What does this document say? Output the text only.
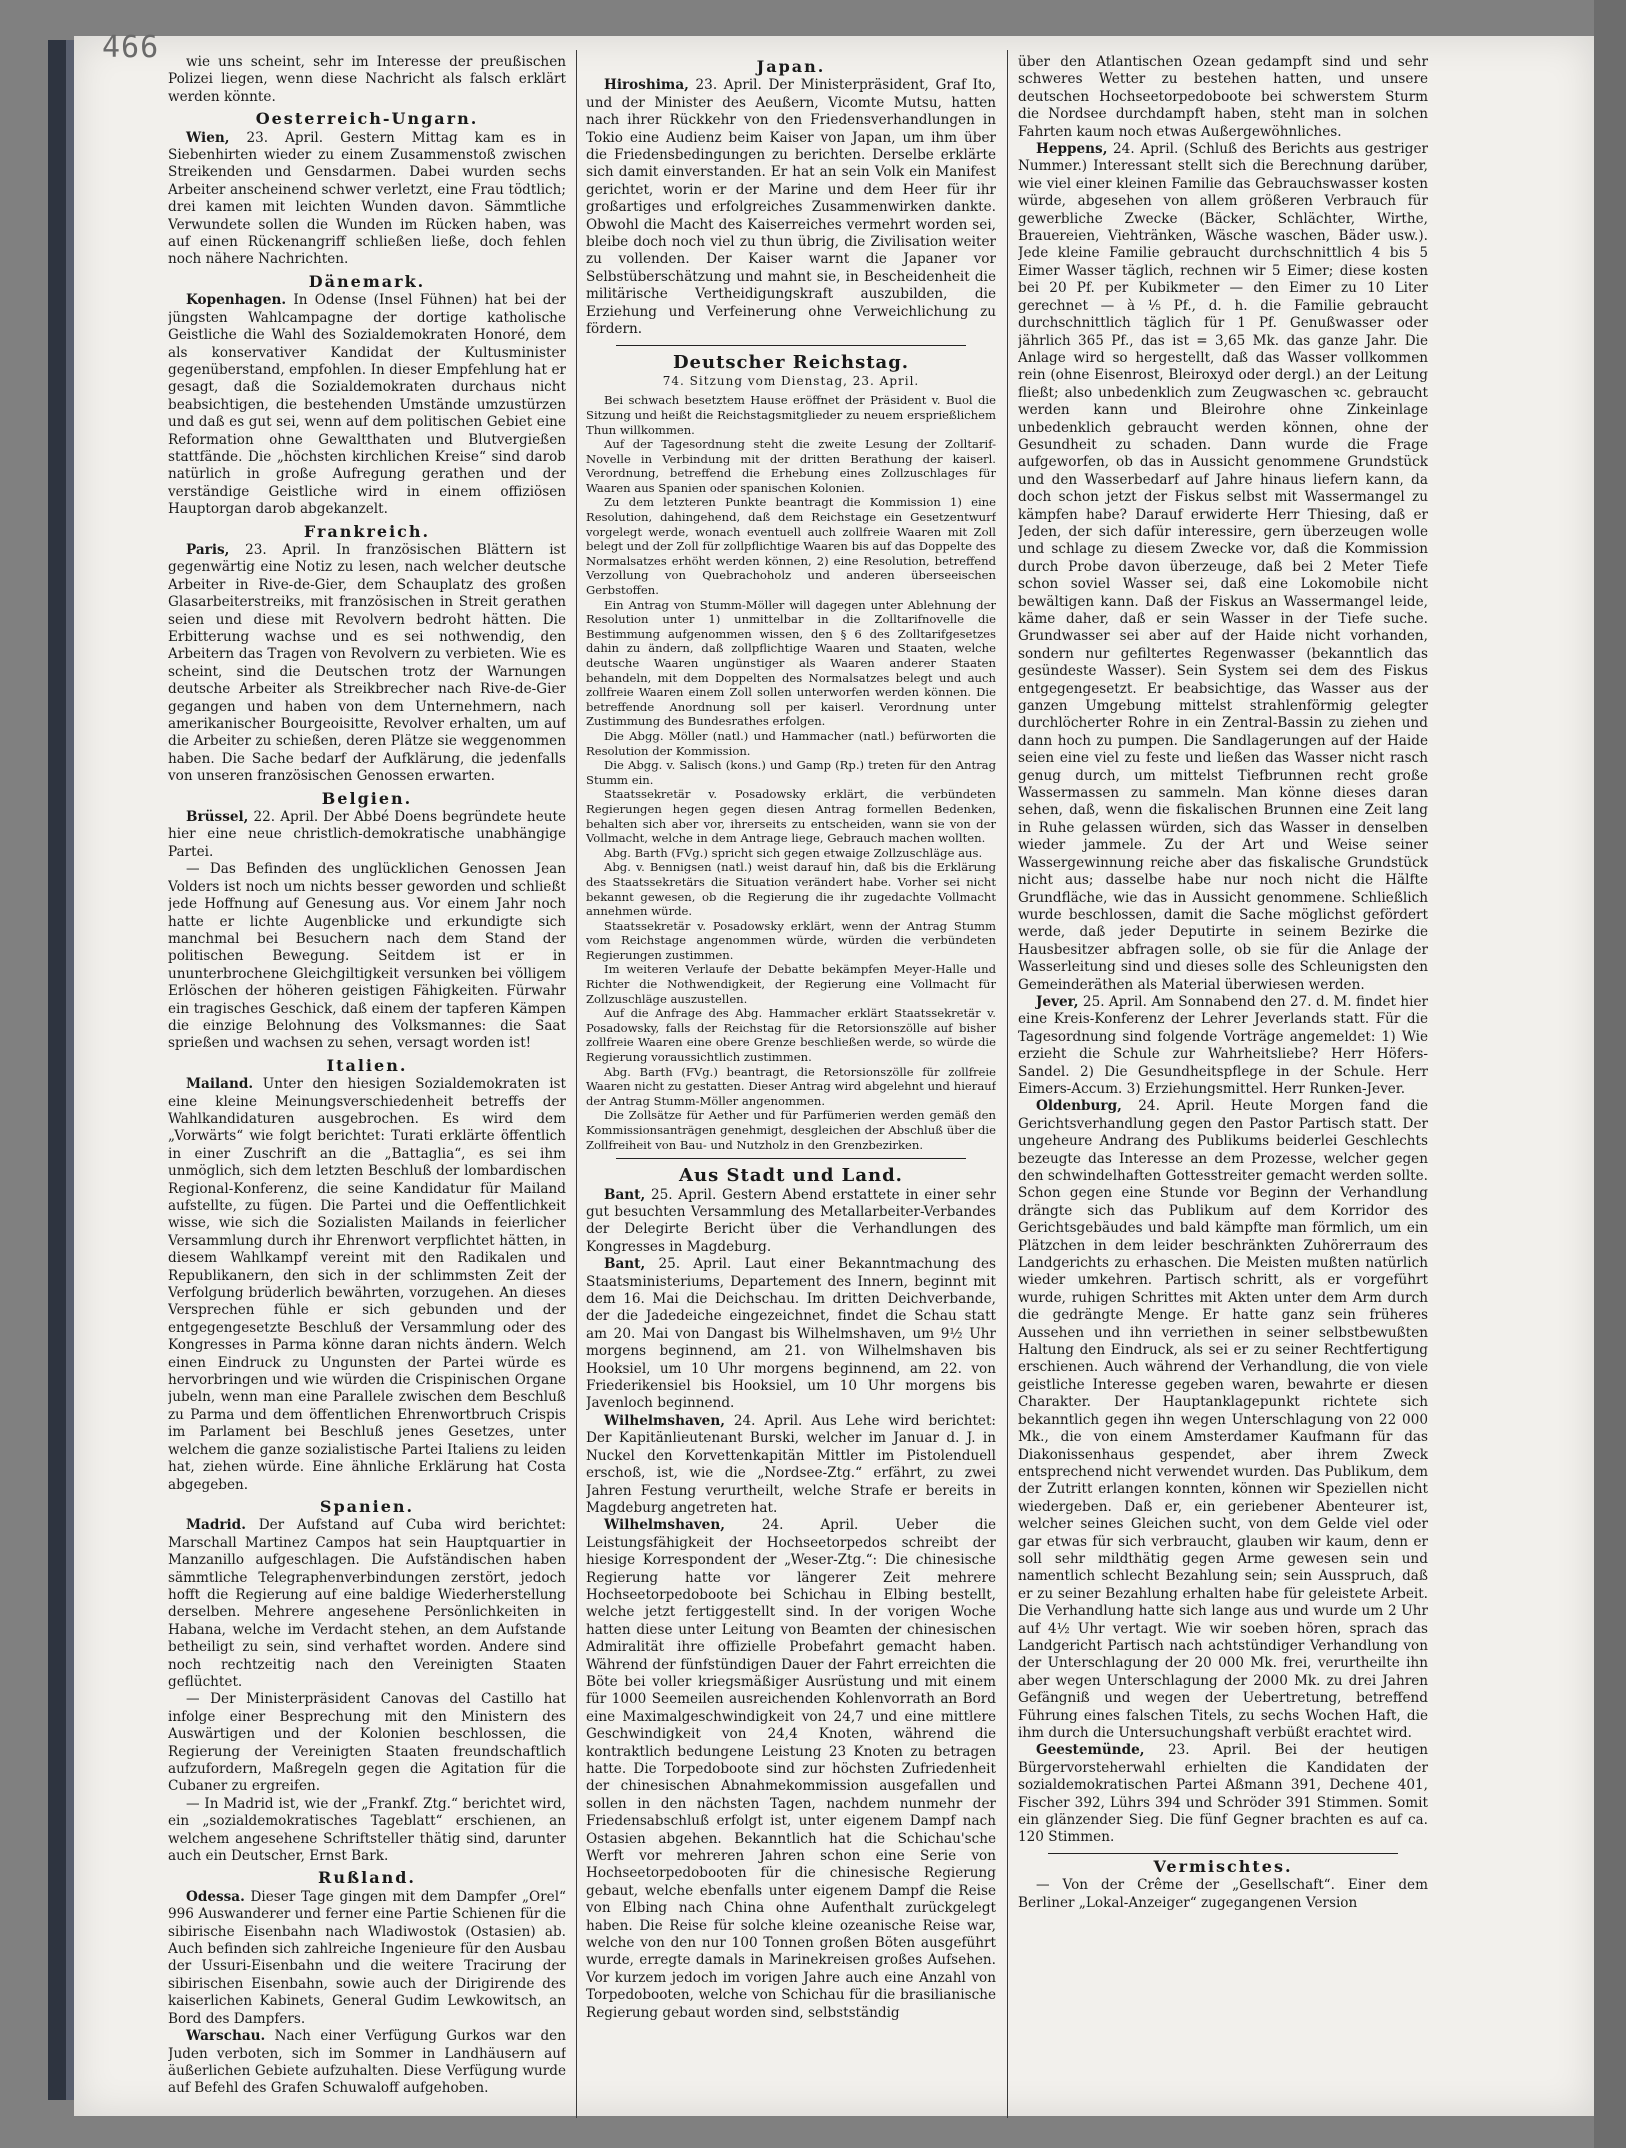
466	wie uns scheint, sehr im Interesse der preußischen Polizei liegen, wenn diese Nachricht als falsch erklärt werden könnte.

Oesterreich-Ungarn.

Wien, 23. April. Gestern Mittag kam es in Siebenhirten wieder zu einem Zusammenstoß zwischen Streikenden und Gensdarmen. Dabei wurden sechs Arbeiter anscheinend schwer verletzt, eine Frau tödtlich; drei kamen mit leichten Wunden davon. Sämmtliche Verwundete sollen die Wunden im Rücken haben, was auf einen Rückenangriff schließen ließe, doch fehlen noch nähere Nachrichten.

Dänemark.

Kopenhagen. In Odense (Insel Fühnen) hat bei der jüngsten Wahlcampagne der dortige katholische Geistliche die Wahl des Sozialdemokraten Honoré, dem als konservativer Kandidat der Kultusminister gegenüberstand, empfohlen. In dieser Empfehlung hat er gesagt, daß die Sozialdemokraten durchaus nicht beabsichtigen, die bestehenden Umstände umzustürzen und daß es gut sei, wenn auf dem politischen Gebiet eine Reformation ohne Gewaltthaten und Blutvergießen stattfände. Die „höchsten kirchlichen Kreise“ sind darob natürlich in große Aufregung gerathen und der verständige Geistliche wird in einem offiziösen Hauptorgan darob abgekanzelt.

Frankreich.

Paris, 23. April. In französischen Blättern ist gegenwärtig eine Notiz zu lesen, nach welcher deutsche Arbeiter in Rive-de-Gier, dem Schauplatz des großen Glasarbeiterstreiks, mit französischen in Streit gerathen seien und diese mit Revolvern bedroht hätten. Die Erbitterung wachse und es sei nothwendig, den Arbeitern das Tragen von Revolvern zu verbieten. Wie es scheint, sind die Deutschen trotz der Warnungen deutsche Arbeiter als Streikbrecher nach Rive-de-Gier gegangen und haben von dem Unternehmern, nach amerikanischer Bourgeoisitte, Revolver erhalten, um auf die Arbeiter zu schießen, deren Plätze sie weggenommen haben. Die Sache bedarf der Aufklärung, die jedenfalls von unseren französischen Genossen erwarten.

Belgien.

Brüssel, 22. April. Der Abbé Doens begründete heute hier eine neue christlich-demokratische unabhängige Partei.

— Das Befinden des unglücklichen Genossen Jean Volders ist noch um nichts besser geworden und schließt jede Hoffnung auf Genesung aus. Vor einem Jahr noch hatte er lichte Augenblicke und erkundigte sich manchmal bei Besuchern nach dem Stand der politischen Bewegung. Seitdem ist er in ununterbrochene Gleichgiltigkeit versunken bei völligem Erlöschen der höheren geistigen Fähigkeiten. Fürwahr ein tragisches Geschick, daß einem der tapferen Kämpen die einzige Belohnung des Volksmannes: die Saat sprießen und wachsen zu sehen, versagt worden ist!

Italien.

Mailand. Unter den hiesigen Sozialdemokraten ist eine kleine Meinungsverschiedenheit betreffs der Wahlkandidaturen ausgebrochen. Es wird dem „Vorwärts“ wie folgt berichtet: Turati erklärte öffentlich in einer Zuschrift an die „Battaglia“, es sei ihm unmöglich, sich dem letzten Beschluß der lombardischen Regional-Konferenz, die seine Kandidatur für Mailand aufstellte, zu fügen. Die Partei und die Oeffentlichkeit wisse, wie sich die Sozialisten Mailands in feierlicher Versammlung durch ihr Ehrenwort verpflichtet hätten, in diesem Wahlkampf vereint mit den Radikalen und Republikanern, den sich in der schlimmsten Zeit der Verfolgung brüderlich bewährten, vorzugehen. An dieses Versprechen fühle er sich gebunden und der entgegengesetzte Beschluß der Versammlung oder des Kongresses in Parma könne daran nichts ändern. Welch einen Eindruck zu Ungunsten der Partei würde es hervorbringen und wie würden die Crispinischen Organe jubeln, wenn man eine Parallele zwischen dem Beschluß zu Parma und dem öffentlichen Ehrenwortbruch Crispis im Parlament bei Beschluß jenes Gesetzes, unter welchem die ganze sozialistische Partei Italiens zu leiden hat, ziehen würde. Eine ähnliche Erklärung hat Costa abgegeben.

Spanien.

Madrid. Der Aufstand auf Cuba wird berichtet: Marschall Martinez Campos hat sein Hauptquartier in Manzanillo aufgeschlagen. Die Aufständischen haben sämmtliche Telegraphenverbindungen zerstört, jedoch hofft die Regierung auf eine baldige Wiederherstellung derselben. Mehrere angesehene Persönlichkeiten in Habana, welche im Verdacht stehen, an dem Aufstande betheiligt zu sein, sind verhaftet worden. Andere sind noch rechtzeitig nach den Vereinigten Staaten geflüchtet.

— Der Ministerpräsident Canovas del Castillo hat infolge einer Besprechung mit den Ministern des Auswärtigen und der Kolonien beschlossen, die Regierung der Vereinigten Staaten freundschaftlich aufzufordern, Maßregeln gegen die Agitation für die Cubaner zu ergreifen.

— In Madrid ist, wie der „Frankf. Ztg.“ berichtet wird, ein „sozialdemokratisches Tageblatt“ erschienen, an welchem angesehene Schriftsteller thätig sind, darunter auch ein Deutscher, Ernst Bark.

Rußland.

Odessa. Dieser Tage gingen mit dem Dampfer „Orel“ 996 Auswanderer und ferner eine Partie Schienen für die sibirische Eisenbahn nach Wladiwostok (Ostasien) ab. Auch befinden sich zahlreiche Ingenieure für den Ausbau der Ussuri-Eisenbahn und die weitere Tracirung der sibirischen Eisenbahn, sowie auch der Dirigirende des kaiserlichen Kabinets, General Gudim Lewkowitsch, an Bord des Dampfers.

Warschau. Nach einer Verfügung Gurkos war den Juden verboten, sich im Sommer in Landhäusern auf äußerlichen Gebiete aufzuhalten. Diese Verfügung wurde auf Befehl des Grafen Schuwaloff aufgehoben.

Japan.

Hiroshima, 23. April. Der Ministerpräsident, Graf Ito, und der Minister des Aeußern, Vicomte Mutsu, hatten nach ihrer Rückkehr von den Friedensverhandlungen in Tokio eine Audienz beim Kaiser von Japan, um ihm über die Friedensbedingungen zu berichten. Derselbe erklärte sich damit einverstanden. Er hat an sein Volk ein Manifest gerichtet, worin er der Marine und dem Heer für ihr großartiges und erfolgreiches Zusammenwirken dankte. Obwohl die Macht des Kaiserreiches vermehrt worden sei, bleibe doch noch viel zu thun übrig, die Zivilisation weiter zu vollenden. Der Kaiser warnt die Japaner vor Selbstüberschätzung und mahnt sie, in Bescheidenheit die militärische Vertheidigungskraft auszubilden, die Erziehung und Verfeinerung ohne Verweichlichung zu fördern.

Deutscher Reichstag.
74. Sitzung vom Dienstag, 23. April.

Bei schwach besetztem Hause eröffnet der Präsident v. Buol die Sitzung und heißt die Reichstagsmitglieder zu neuem ersprießlichem Thun willkommen.

Auf der Tagesordnung steht die zweite Lesung der Zolltarif-Novelle in Verbindung mit der dritten Berathung der kaiserl. Verordnung, betreffend die Erhebung eines Zollzuschlages für Waaren aus Spanien oder spanischen Kolonien.

Zu dem letzteren Punkte beantragt die Kommission 1) eine Resolution, dahingehend, daß dem Reichstage ein Gesetzentwurf vorgelegt werde, wonach eventuell auch zollfreie Waaren mit Zoll belegt und der Zoll für zollpflichtige Waaren bis auf das Doppelte des Normalsatzes erhöht werden können, 2) eine Resolution, betreffend Verzollung von Quebrachoholz und anderen überseeischen Gerbstoffen.

Ein Antrag von Stumm-Möller will dagegen unter Ablehnung der Resolution unter 1) unmittelbar in die Zolltarifnovelle die Bestimmung aufgenommen wissen, den § 6 des Zolltarifgesetzes dahin zu ändern, daß zollpflichtige Waaren und Staaten, welche deutsche Waaren ungünstiger als Waaren anderer Staaten behandeln, mit dem Doppelten des Normalsatzes belegt und auch zollfreie Waaren einem Zoll sollen unterworfen werden können. Die betreffende Anordnung soll per kaiserl. Verordnung unter Zustimmung des Bundesrathes erfolgen.

Die Abgg. Möller (natl.) und Hammacher (natl.) befürworten die Resolution der Kommission.

Die Abgg. v. Salisch (kons.) und Gamp (Rp.) treten für den Antrag Stumm ein.

Staatssekretär v. Posadowsky erklärt, die verbündeten Regierungen hegen gegen diesen Antrag formellen Bedenken, behalten sich aber vor, ihrerseits zu entscheiden, wann sie von der Vollmacht, welche in dem Antrage liege, Gebrauch machen wollten.

Abg. Barth (FVg.) spricht sich gegen etwaige Zollzuschläge aus.

Abg. v. Bennigsen (natl.) weist darauf hin, daß bis die Erklärung des Staatssekretärs die Situation verändert habe. Vorher sei nicht bekannt gewesen, ob die Regierung die ihr zugedachte Vollmacht annehmen würde.

Staatssekretär v. Posadowsky erklärt, wenn der Antrag Stumm vom Reichstage angenommen würde, würden die verbündeten Regierungen zustimmen.

Im weiteren Verlaufe der Debatte bekämpfen Meyer-Halle und Richter die Nothwendigkeit, der Regierung eine Vollmacht für Zollzuschläge auszustellen.

Auf die Anfrage des Abg. Hammacher erklärt Staatssekretär v. Posadowsky, falls der Reichstag für die Retorsionszölle auf bisher zollfreie Waaren eine obere Grenze beschließen werde, so würde die Regierung voraussichtlich zustimmen.

Abg. Barth (FVg.) beantragt, die Retorsionszölle für zollfreie Waaren nicht zu gestatten. Dieser Antrag wird abgelehnt und hierauf der Antrag Stumm-Möller angenommen.

Die Zollsätze für Aether und für Parfümerien werden gemäß den Kommissionsanträgen genehmigt, desgleichen der Abschluß über die Zollfreiheit von Bau- und Nutzholz in den Grenzbezirken.

Aus Stadt und Land.

Bant, 25. April. Gestern Abend erstattete in einer sehr gut besuchten Versammlung des Metallarbeiter-Verbandes der Delegirte Bericht über die Verhandlungen des Kongresses in Magdeburg.

Bant, 25. April. Laut einer Bekanntmachung des Staatsministeriums, Departement des Innern, beginnt mit dem 16. Mai die Deichschau. Im dritten Deichverbande, der die Jadedeiche eingezeichnet, findet die Schau statt am 20. Mai von Dangast bis Wilhelmshaven, um 9½ Uhr morgens beginnend, am 21. von Wilhelmshaven bis Hooksiel, um 10 Uhr morgens beginnend, am 22. von Friederikensiel bis Hooksiel, um 10 Uhr morgens bis Javenloch beginnend.

Wilhelmshaven, 24. April. Aus Lehe wird berichtet: Der Kapitänlieutenant Burski, welcher im Januar d. J. in Nuckel den Korvettenkapitän Mittler im Pistolenduell erschoß, ist, wie die „Nordsee-Ztg.“ erfährt, zu zwei Jahren Festung verurtheilt, welche Strafe er bereits in Magdeburg angetreten hat.

Wilhelmshaven,	24. April. Ueber die Leistungsfähigkeit der Hochseetorpedos schreibt der hiesige Korrespondent der „Weser-Ztg.“: Die chinesische Regierung hatte vor längerer Zeit mehrere Hochseetorpedoboote bei Schichau in Elbing bestellt, welche jetzt fertiggestellt sind. In der vorigen Woche hatten diese unter Leitung von Beamten der chinesischen Admiralität ihre offizielle Probefahrt gemacht haben. Während der fünfstündigen Dauer der Fahrt erreichten die Böte bei voller kriegsmäßiger Ausrüstung und mit einem für 1000 Seemeilen ausreichenden Kohlenvorrath an Bord eine Maximalgeschwindigkeit von 24,7 und eine mittlere Geschwindigkeit von 24,4 Knoten, während die kontraktlich bedungene Leistung 23 Knoten zu betragen hatte. Die Torpedoboote sind zur höchsten Zufriedenheit der chinesischen Abnahmekommission ausgefallen und sollen in den nächsten Tagen, nachdem nunmehr der Friedensabschluß erfolgt ist, unter eigenem Dampf nach Ostasien abgehen. Bekanntlich hat die Schichau'sche Werft vor mehreren Jahren schon eine Serie von Hochseetorpedobooten für die chinesische Regierung gebaut, welche ebenfalls unter eigenem Dampf die Reise von Elbing nach China ohne Aufenthalt zurückgelegt haben. Die Reise für solche kleine ozeanische Reise war, welche von den nur 100 Tonnen großen Böten ausgeführt wurde, erregte damals in Marinekreisen großes Aufsehen. Vor kurzem jedoch im vorigen Jahre auch eine Anzahl von Torpedobooten, welche von Schichau für die brasilianische Regierung gebaut worden sind, selbstständig

über den Atlantischen Ozean gedampft sind und sehr schweres Wetter zu bestehen hatten, und unsere deutschen Hochseetorpedoboote bei schwerstem Sturm die Nordsee durchdampft haben, steht man in solchen Fahrten kaum noch etwas Außergewöhnliches.

Heppens, 24. April. (Schluß des Berichts aus gestriger Nummer.) Interessant stellt sich die Berechnung darüber, wie viel einer kleinen Familie das Gebrauchswasser kosten würde, abgesehen von allem größeren Verbrauch für gewerbliche Zwecke (Bäcker, Schlächter, Wirthe, Brauereien, Viehtränken, Wäsche waschen, Bäder usw.). Jede kleine Familie gebraucht durchschnittlich 4 bis 5 Eimer Wasser täglich, rechnen wir 5 Eimer; diese kosten bei 20 Pf. per Kubikmeter — den Eimer zu 10 Liter gerechnet — à ⅕ Pf., d. h. die Familie gebraucht durchschnittlich täglich für 1 Pf. Genußwasser oder jährlich 365 Pf., das ist = 3,65 Mk. das ganze Jahr. Die Anlage wird so hergestellt, daß das Wasser vollkommen rein (ohne Eisenrost, Bleiroxyd oder dergl.) an der Leitung fließt; also unbedenklich zum Zeugwaschen ꝛc. gebraucht werden kann und Bleirohre ohne Zinkeinlage unbedenklich gebraucht werden können, ohne der Gesundheit zu schaden. Dann wurde die Frage aufgeworfen, ob das in Aussicht genommene Grundstück und den Wasserbedarf auf Jahre hinaus liefern kann, da doch schon jetzt der Fiskus selbst mit Wassermangel zu kämpfen habe? Darauf erwiderte Herr Thiesing, daß er Jeden, der sich dafür interessire, gern überzeugen wolle und schlage zu diesem Zwecke vor, daß die Kommission durch Probe davon überzeuge, daß bei 2 Meter Tiefe schon soviel Wasser sei, daß eine Lokomobile nicht bewältigen kann. Daß der Fiskus an Wassermangel leide, käme daher, daß er sein Wasser in der Tiefe suche. Grundwasser sei aber auf der Haide nicht vorhanden, sondern nur gefiltertes Regenwasser (bekanntlich das gesündeste Wasser). Sein System sei dem des Fiskus entgegengesetzt. Er beabsichtige, das Wasser aus der ganzen Umgebung mittelst strahlenförmig gelegter durchlöcherter Rohre in ein Zentral-Bassin zu ziehen und dann hoch zu pumpen. Die Sandlagerungen auf der Haide seien eine viel zu feste und ließen das Wasser nicht rasch genug durch, um mittelst Tiefbrunnen recht große Wassermassen zu sammeln. Man könne dieses daran sehen, daß, wenn die fiskalischen Brunnen eine Zeit lang in Ruhe gelassen würden, sich das Wasser in denselben wieder jammele. Zu der Art und Weise seiner Wassergewinnung reiche aber das fiskalische Grundstück nicht aus; dasselbe habe nur noch nicht die Hälfte Grundfläche, wie das in Aussicht genommene. Schließlich wurde beschlossen, damit die Sache möglichst gefördert werde, daß jeder Deputirte in seinem Bezirke die Hausbesitzer abfragen solle, ob sie für die Anlage der Wasserleitung sind und dieses solle des Schleunigsten den Gemeinderäthen als Material überwiesen werden.

Jever, 25. April. Am Sonnabend den 27. d. M. findet hier eine Kreis-Konferenz der Lehrer Jeverlands statt. Für die Tagesordnung sind folgende Vorträge angemeldet: 1) Wie erzieht die Schule zur Wahrheitsliebe? Herr Höfers-Sandel. 2) Die Gesundheitspflege in der Schule. Herr Eimers-Accum. 3) Erziehungsmittel. Herr Runken-Jever.

Oldenburg, 24. April. Heute Morgen fand die Gerichtsverhandlung gegen den Pastor Partisch statt. Der ungeheure Andrang des Publikums beiderlei Geschlechts bezeugte das Interesse an dem Prozesse, welcher gegen den schwindelhaften Gottesstreiter gemacht werden sollte. Schon gegen eine Stunde vor Beginn der Verhandlung drängte sich das Publikum auf dem Korridor des Gerichtsgebäudes und bald kämpfte man förmlich, um ein Plätzchen in dem leider beschränkten Zuhörerraum des Landgerichts zu erhaschen. Die Meisten mußten natürlich wieder umkehren. Partisch schritt, als er vorgeführt wurde, ruhigen Schrittes mit Akten unter dem Arm durch die gedrängte Menge. Er hatte ganz sein früheres Aussehen und ihn verriethen in seiner selbstbewußten Haltung den Eindruck, als sei er zu seiner Rechtfertigung erschienen. Auch während der Verhandlung, die von viele geistliche Interesse gegeben waren, bewahrte er diesen Charakter. Der Hauptanklagepunkt richtete sich bekanntlich gegen ihn wegen Unterschlagung von 22 000 Mk., die von einem Amsterdamer Kaufmann für das Diakonissenhaus gespendet, aber ihrem Zweck entsprechend nicht verwendet wurden. Das Publikum, dem der Zutritt erlangen konnten, können wir Speziellen nicht wiedergeben. Daß er, ein geriebener Abenteurer ist, welcher seines Gleichen sucht, von dem Gelde viel oder gar etwas für sich verbraucht, glauben wir kaum, denn er soll sehr mildthätig gegen Arme gewesen sein und namentlich schlecht Bezahlung sein; sein Ausspruch, daß er zu seiner Bezahlung erhalten habe für geleistete Arbeit. Die Verhandlung hatte sich lange aus und wurde um 2 Uhr auf 4½ Uhr vertagt. Wie wir soeben hören, sprach das Landgericht Partisch nach achtstündiger Verhandlung von der Unterschlagung der 20 000 Mk. frei, verurtheilte ihn aber wegen Unterschlagung der 2000 Mk. zu drei Jahren Gefängniß und wegen der Uebertretung, betreffend Führung eines falschen Titels, zu sechs Wochen Haft, die ihm durch die Untersuchungshaft verbüßt erachtet wird.

Geestemünde, 23. April. Bei der heutigen Bürgervorsteherwahl erhielten die Kandidaten der sozialdemokratischen Partei Aßmann 391, Dechene 401, Fischer 392, Lührs 394 und Schröder 391 Stimmen. Somit ein glänzender Sieg. Die fünf Gegner brachten es auf ca. 120 Stimmen.

Vermischtes.

— Von der Crême der „Gesellschaft“. Einer dem Berliner „Lokal-Anzeiger“ zugegangenen Version
